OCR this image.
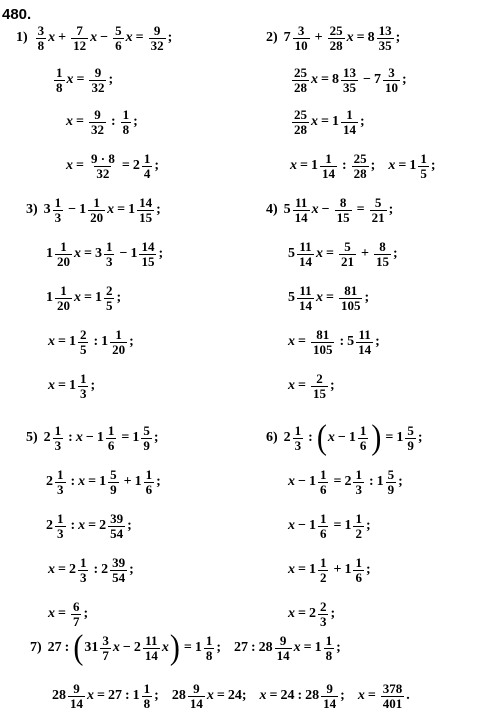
480.
$1) \frac{3}{8}$ $x + \frac{7}{12}$ $x - \frac{5}{6}$ $x = \frac{9}{32}$ ;
$\frac{1}{8}$ $x = \frac{9}{32}$ ;
$x = \frac{9}{32}$ : $\frac{1}{8}$ ;
$x = \frac{9 \cdot 8}{32} = 2 \frac{1}{4}$ ;
2) $7 \frac{3}{10} + \frac{25}{28}$ $x = 8 \frac{13}{35}$ ;
$\frac{25}{28}$ $x = 8 \frac{13}{35} - 7 \frac{3}{10}$ ;
$\frac{25}{28}$ $x = 1 \frac{1}{14}$ ;
$x = 1 \frac{1}{14}$ : $\frac{25}{28}$ ;
$x = 1 \frac{1}{5}$ ;
3) $3 \frac{1}{3} - 1 \frac{1}{20}$ $x = 1 \frac{14}{15}$ ;
$1 \frac{1}{20}$ $x = 3 \frac{1}{3} - 1 \frac{14}{15}$ ;
$1 \frac{1}{20}$ $x = 1 \frac{2}{5}$ ;
$x = 1 \frac{2}{5}$ : $1 \frac{1}{20}$ ;
$x = 1 \frac{1}{3}$ ;
4) $5 \frac{11}{14}$ $x - \frac{8}{15} = \frac{5}{21}$ ;
$5 \frac{11}{14}$ $x = \frac{5}{21} + \frac{8}{15}$ ;
$5 \frac{11}{14}$ $x = \frac{81}{105}$ ;
$x = \frac{81}{105}$ : $5 \frac{11}{14}$ ;
$x = \frac{2}{15}$ ;
5) $2 \frac{1}{3}$ : $x - 1 \frac{1}{6} = 1 \frac{5}{9}$ ;
$2 \frac{1}{3}$ : $x = 1 \frac{5}{9} + 1 \frac{1}{6}$ ;
$2 \frac{1}{3}$ : $x = 2 \frac{39}{54}$ ;
$x = 2 \frac{1}{3}$ : $2 \frac{39}{54}$ ;
$x = \frac{6}{7}$ ;
6) $2 \frac{1}{3}$ : ( $x - 1 \frac{1}{6}$ ) = $1 \frac{5}{9}$ ;
$x - 1 \frac{1}{6} = 2 \frac{1}{3}$ : $1 \frac{5}{9}$ ;
$x - 1 \frac{1}{6} = 1 \frac{1}{2}$ ;
$x = 1 \frac{1}{2} + 1 \frac{1}{6}$ ;
$x = 2 \frac{2}{3}$ ;
7) 27 : ( $31 \frac{3}{7}$ $x - 2 \frac{11}{14}$ x ) = $1 \frac{1}{8}$ ;
27 : $28 \frac{9}{14}$ $x = 1 \frac{1}{8}$ ;
$28 \frac{9}{14}$ x = 27 : $1 \frac{1}{8}$ ;
$28 \frac{9}{14}$ x = 24 ;
x = 24 : $28 \frac{9}{14}$ ;
$x = \frac{378}{401}$ .
